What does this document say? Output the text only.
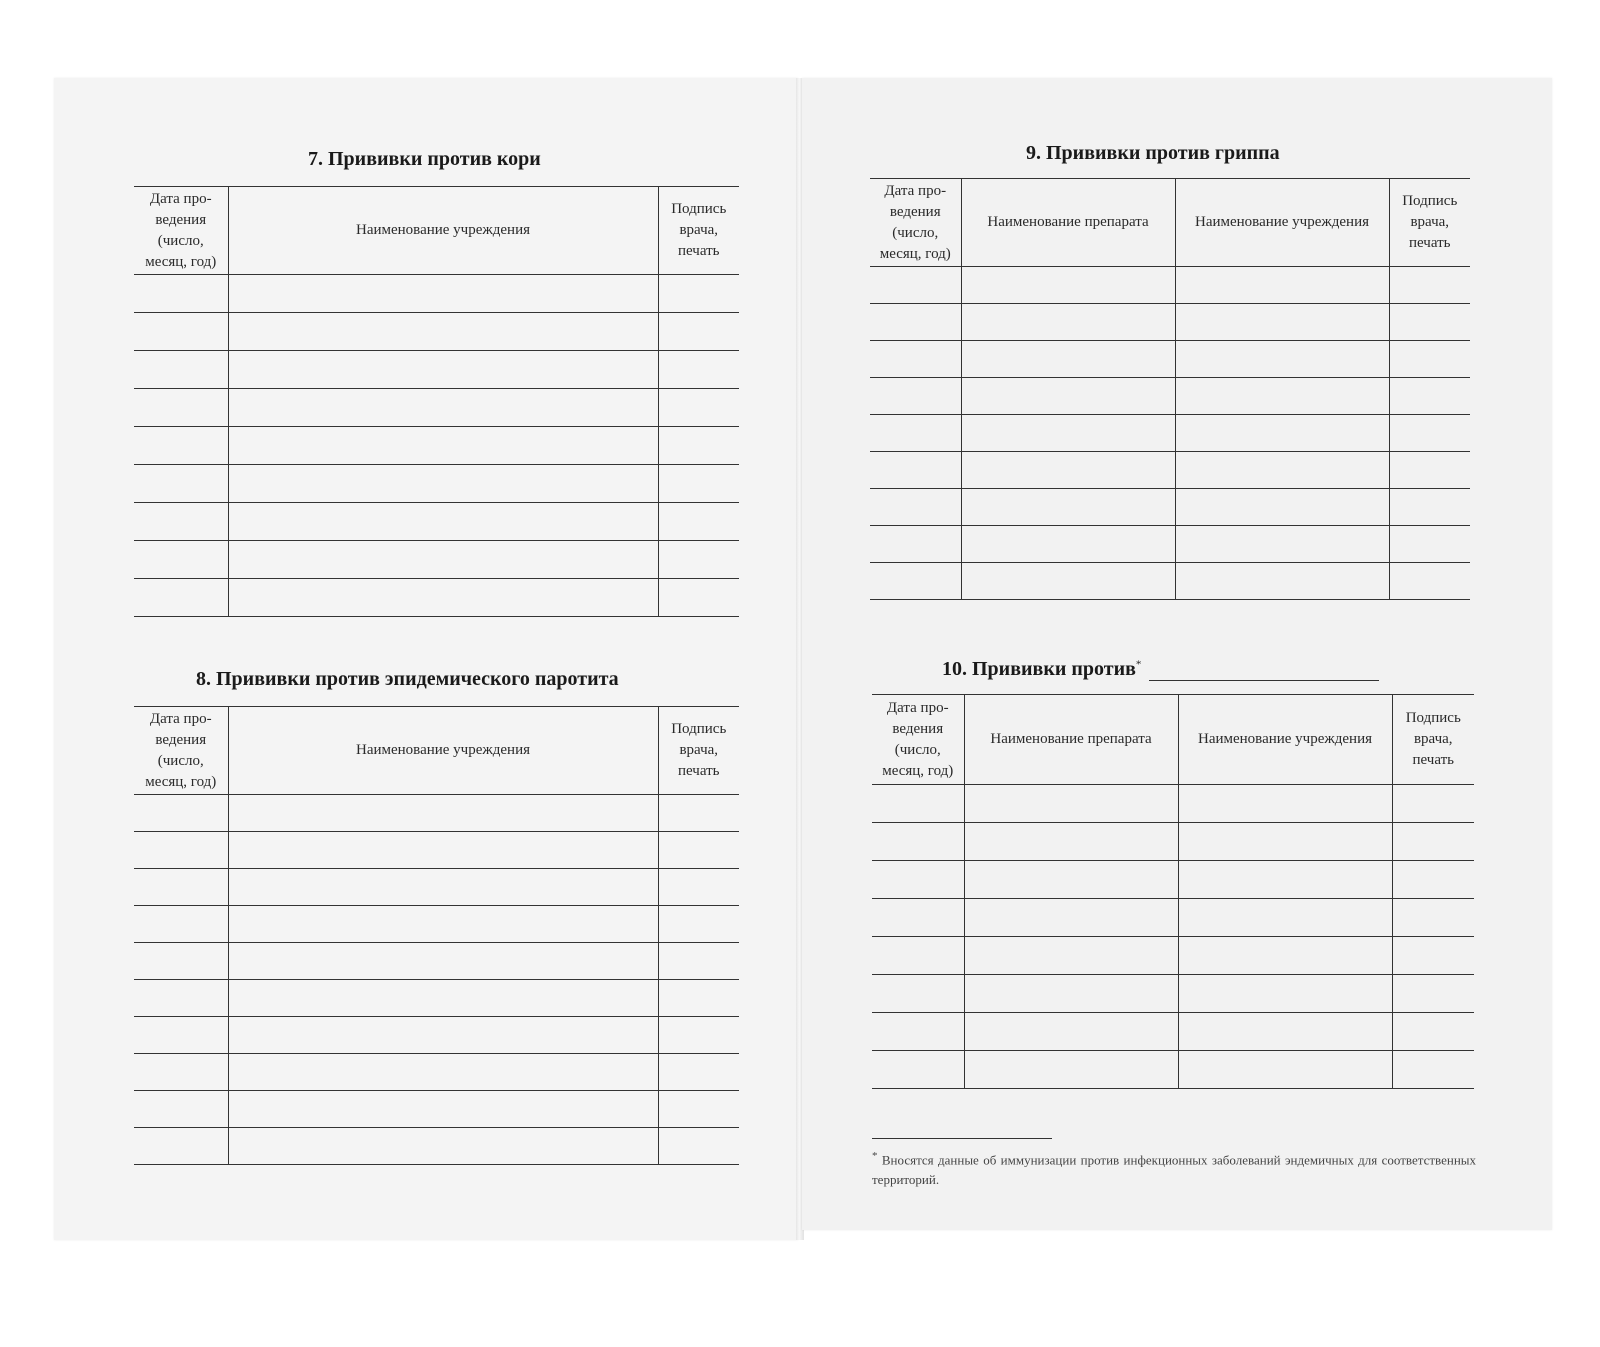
7. Прививки против кори
Дата про-ведения (число, месяц, год)	Наименование учреждения	Подпись врача, печать

8. Прививки против эпидемического паротита
Дата про-ведения (число, месяц, год)	Наименование учреждения	Подпись врача, печать

9. Прививки против гриппа
Дата про-ведения (число, месяц, год)	Наименование препарата	Наименование учреждения	Подпись врача, печать

10. Прививки против*
Дата про-ведения (число, месяц, год)	Наименование препарата	Наименование учреждения	Подпись врача, печать

* Вносятся данные об иммунизации против инфекционных заболеваний эндемичных для соответственных территорий.
